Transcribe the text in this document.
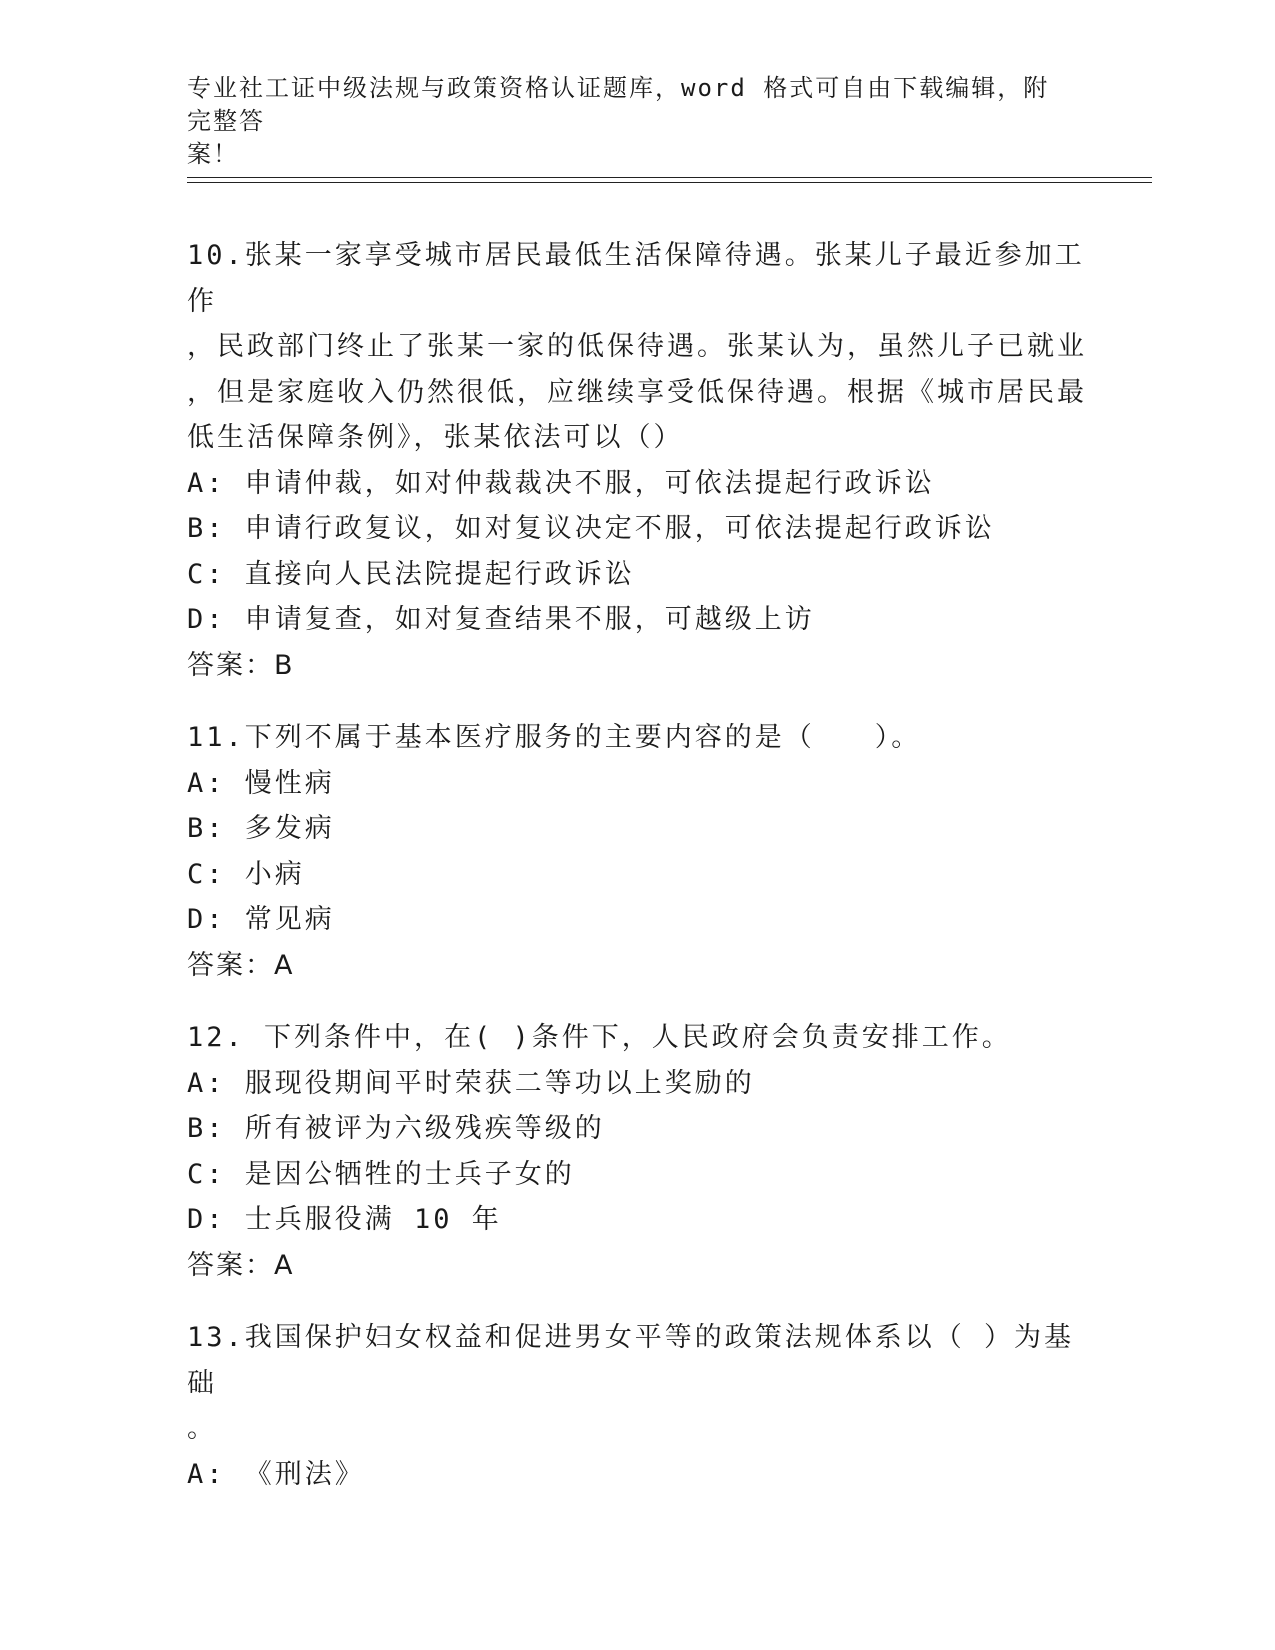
专业社工证中级法规与政策资格认证题库，word 格式可自由下载编辑，附完整答
案！

10.张某一家享受城市居民最低生活保障待遇。张某儿子最近参加工作

，民政部门终止了张某一家的低保待遇。张某认为，虽然儿子已就业

，但是家庭收入仍然很低，应继续享受低保待遇。根据《城市居民最

低生活保障条例》，张某依法可以（）

A: 申请仲裁，如对仲裁裁决不服，可依法提起行政诉讼

B: 申请行政复议，如对复议决定不服，可依法提起行政诉讼

C: 直接向人民法院提起行政诉讼

D: 申请复查，如对复查结果不服，可越级上访

答案：B

11.下列不属于基本医疗服务的主要内容的是（　　）。

A: 慢性病

B: 多发病

C: 小病

D: 常见病

答案：A

12. 下列条件中，在( )条件下，人民政府会负责安排工作。

A: 服现役期间平时荣获二等功以上奖励的

B: 所有被评为六级残疾等级的

C: 是因公牺牲的士兵子女的

D: 士兵服役满 10 年

答案：A

13.我国保护妇女权益和促进男女平等的政策法规体系以（ ）为基础

。

A: 《刑法》
